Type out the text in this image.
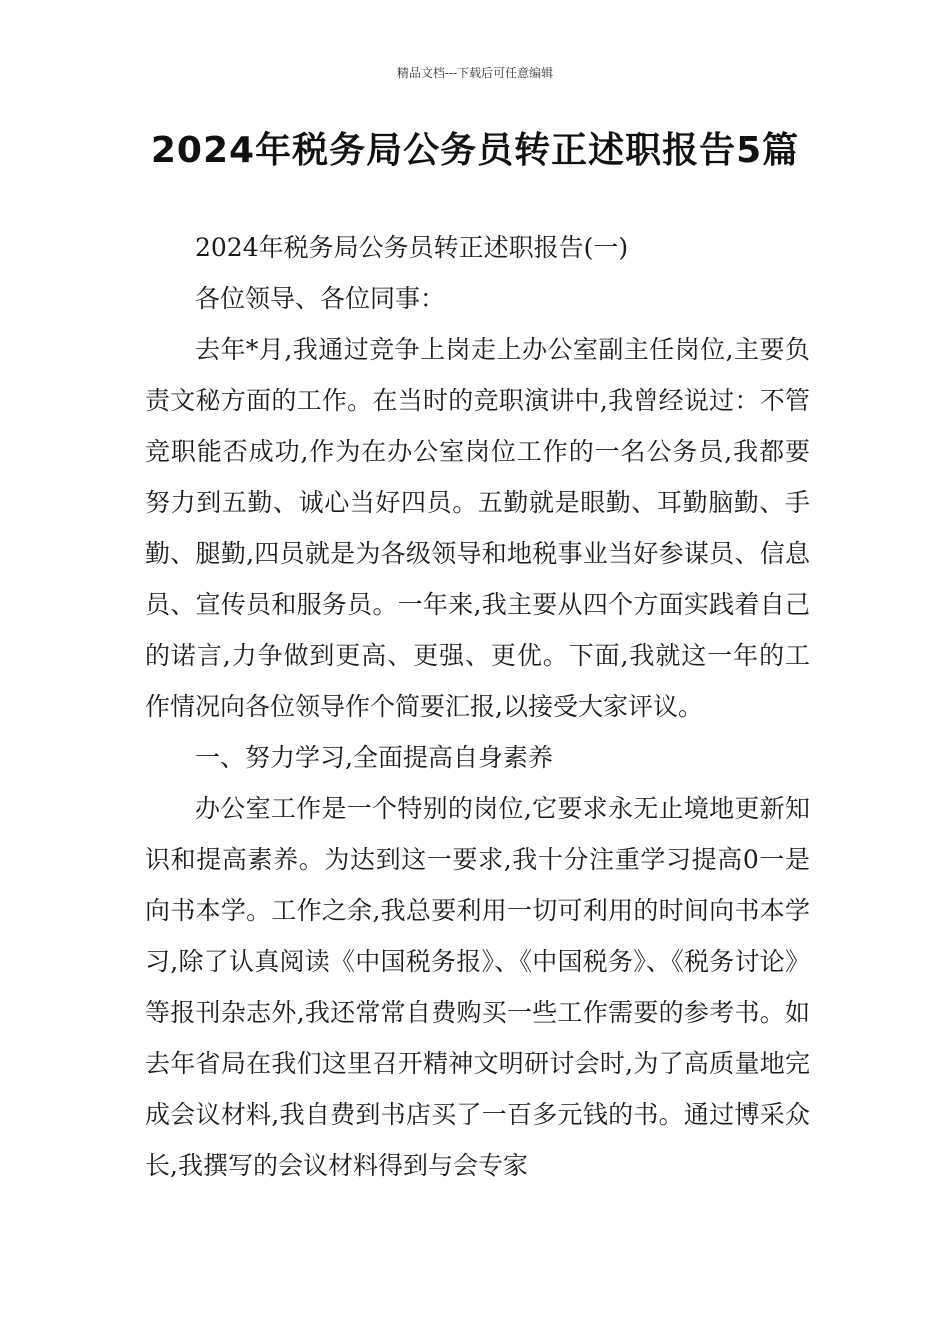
精品文档---下载后可任意编辑
2024年税务局公务员转正述职报告5篇

2024年税务局公务员转正述职报告(一)

各位领导、各位同事：

去年*月,我通过竞争上岗走上办公室副主任岗位,主要负责文秘方面的工作。在当时的竞职演讲中,我曾经说过：不管竞职能否成功,作为在办公室岗位工作的一名公务员,我都要努力到五勤、诚心当好四员。五勤就是眼勤、耳勤脑勤、手勤、腿勤,四员就是为各级领导和地税事业当好参谋员、信息员、宣传员和服务员。一年来,我主要从四个方面实践着自己的诺言,力争做到更高、更强、更优。下面,我就这一年的工作情况向各位领导作个简要汇报,以接受大家评议。

一、努力学习,全面提高自身素养

办公室工作是一个特别的岗位,它要求永无止境地更新知识和提高素养。为达到这一要求,我十分注重学习提高0一是向书本学。工作之余,我总要利用一切可利用的时间向书本学习,除了认真阅读《中国税务报》、《中国税务》、《税务讨论》等报刊杂志外,我还常常自费购买一些工作需要的参考书。如去年省局在我们这里召开精神文明研讨会时,为了高质量地完成会议材料,我自费到书店买了一百多元钱的书。通过博采众长,我撰写的会议材料得到与会专家
